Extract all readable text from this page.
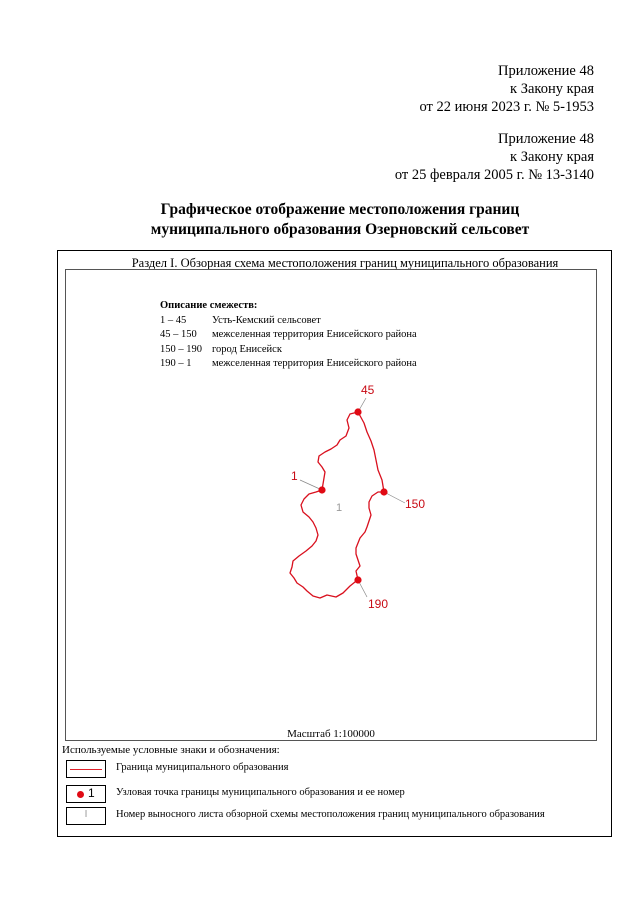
Приложение 48
к Закону края
от 22 июня 2023 г. № 5-1953
Приложение 48
к Закону края
от 25 февраля 2005 г. № 13-3140
Графическое отображение местоположения границ
муниципального образования Озерновский сельсовет
Раздел I. Обзорная схема местоположения границ муниципального образования
Описание смежеств:
1 – 45	Усть-Кемский сельсовет
45 – 150	межселенная территория Енисейского района
150 – 190 город Енисейск
190 – 1	межселенная территория Енисейского района
45
1
150
190
1
Масштаб 1:100000
Используемые условные знаки и обозначения:
Граница муниципального образования
1 Узловая точка границы муниципального образования и ее номер
I	Номер выносного листа обзорной схемы местоположения границ муниципального образования
